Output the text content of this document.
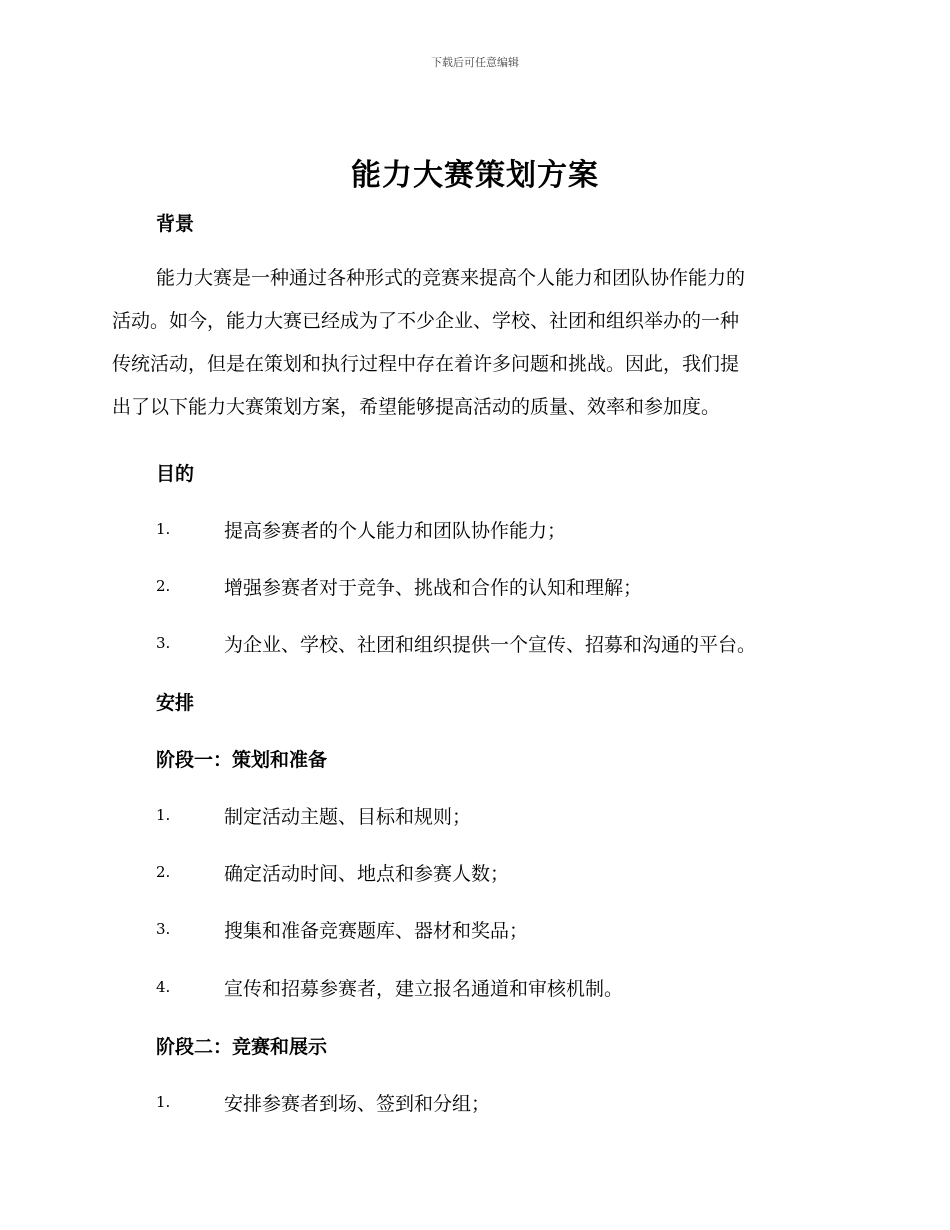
下载后可任意编辑
能力大赛策划方案
背景
能力大赛是一种通过各种形式的竞赛来提高个人能力和团队协作能力的
活动。如今，能力大赛已经成为了不少企业、学校、社团和组织举办的一种
传统活动，但是在策划和执行过程中存在着许多问题和挑战。因此，我们提
出了以下能力大赛策划方案，希望能够提高活动的质量、效率和参加度。
目的
1.	提高参赛者的个人能力和团队协作能力；
2.	增强参赛者对于竞争、挑战和合作的认知和理解；
3.	为企业、学校、社团和组织提供一个宣传、招募和沟通的平台。
安排
阶段一：策划和准备
1.	制定活动主题、目标和规则；
2.	确定活动时间、地点和参赛人数；
3.	搜集和准备竞赛题库、器材和奖品；
4.	宣传和招募参赛者，建立报名通道和审核机制。
阶段二：竞赛和展示
1.	安排参赛者到场、签到和分组；
